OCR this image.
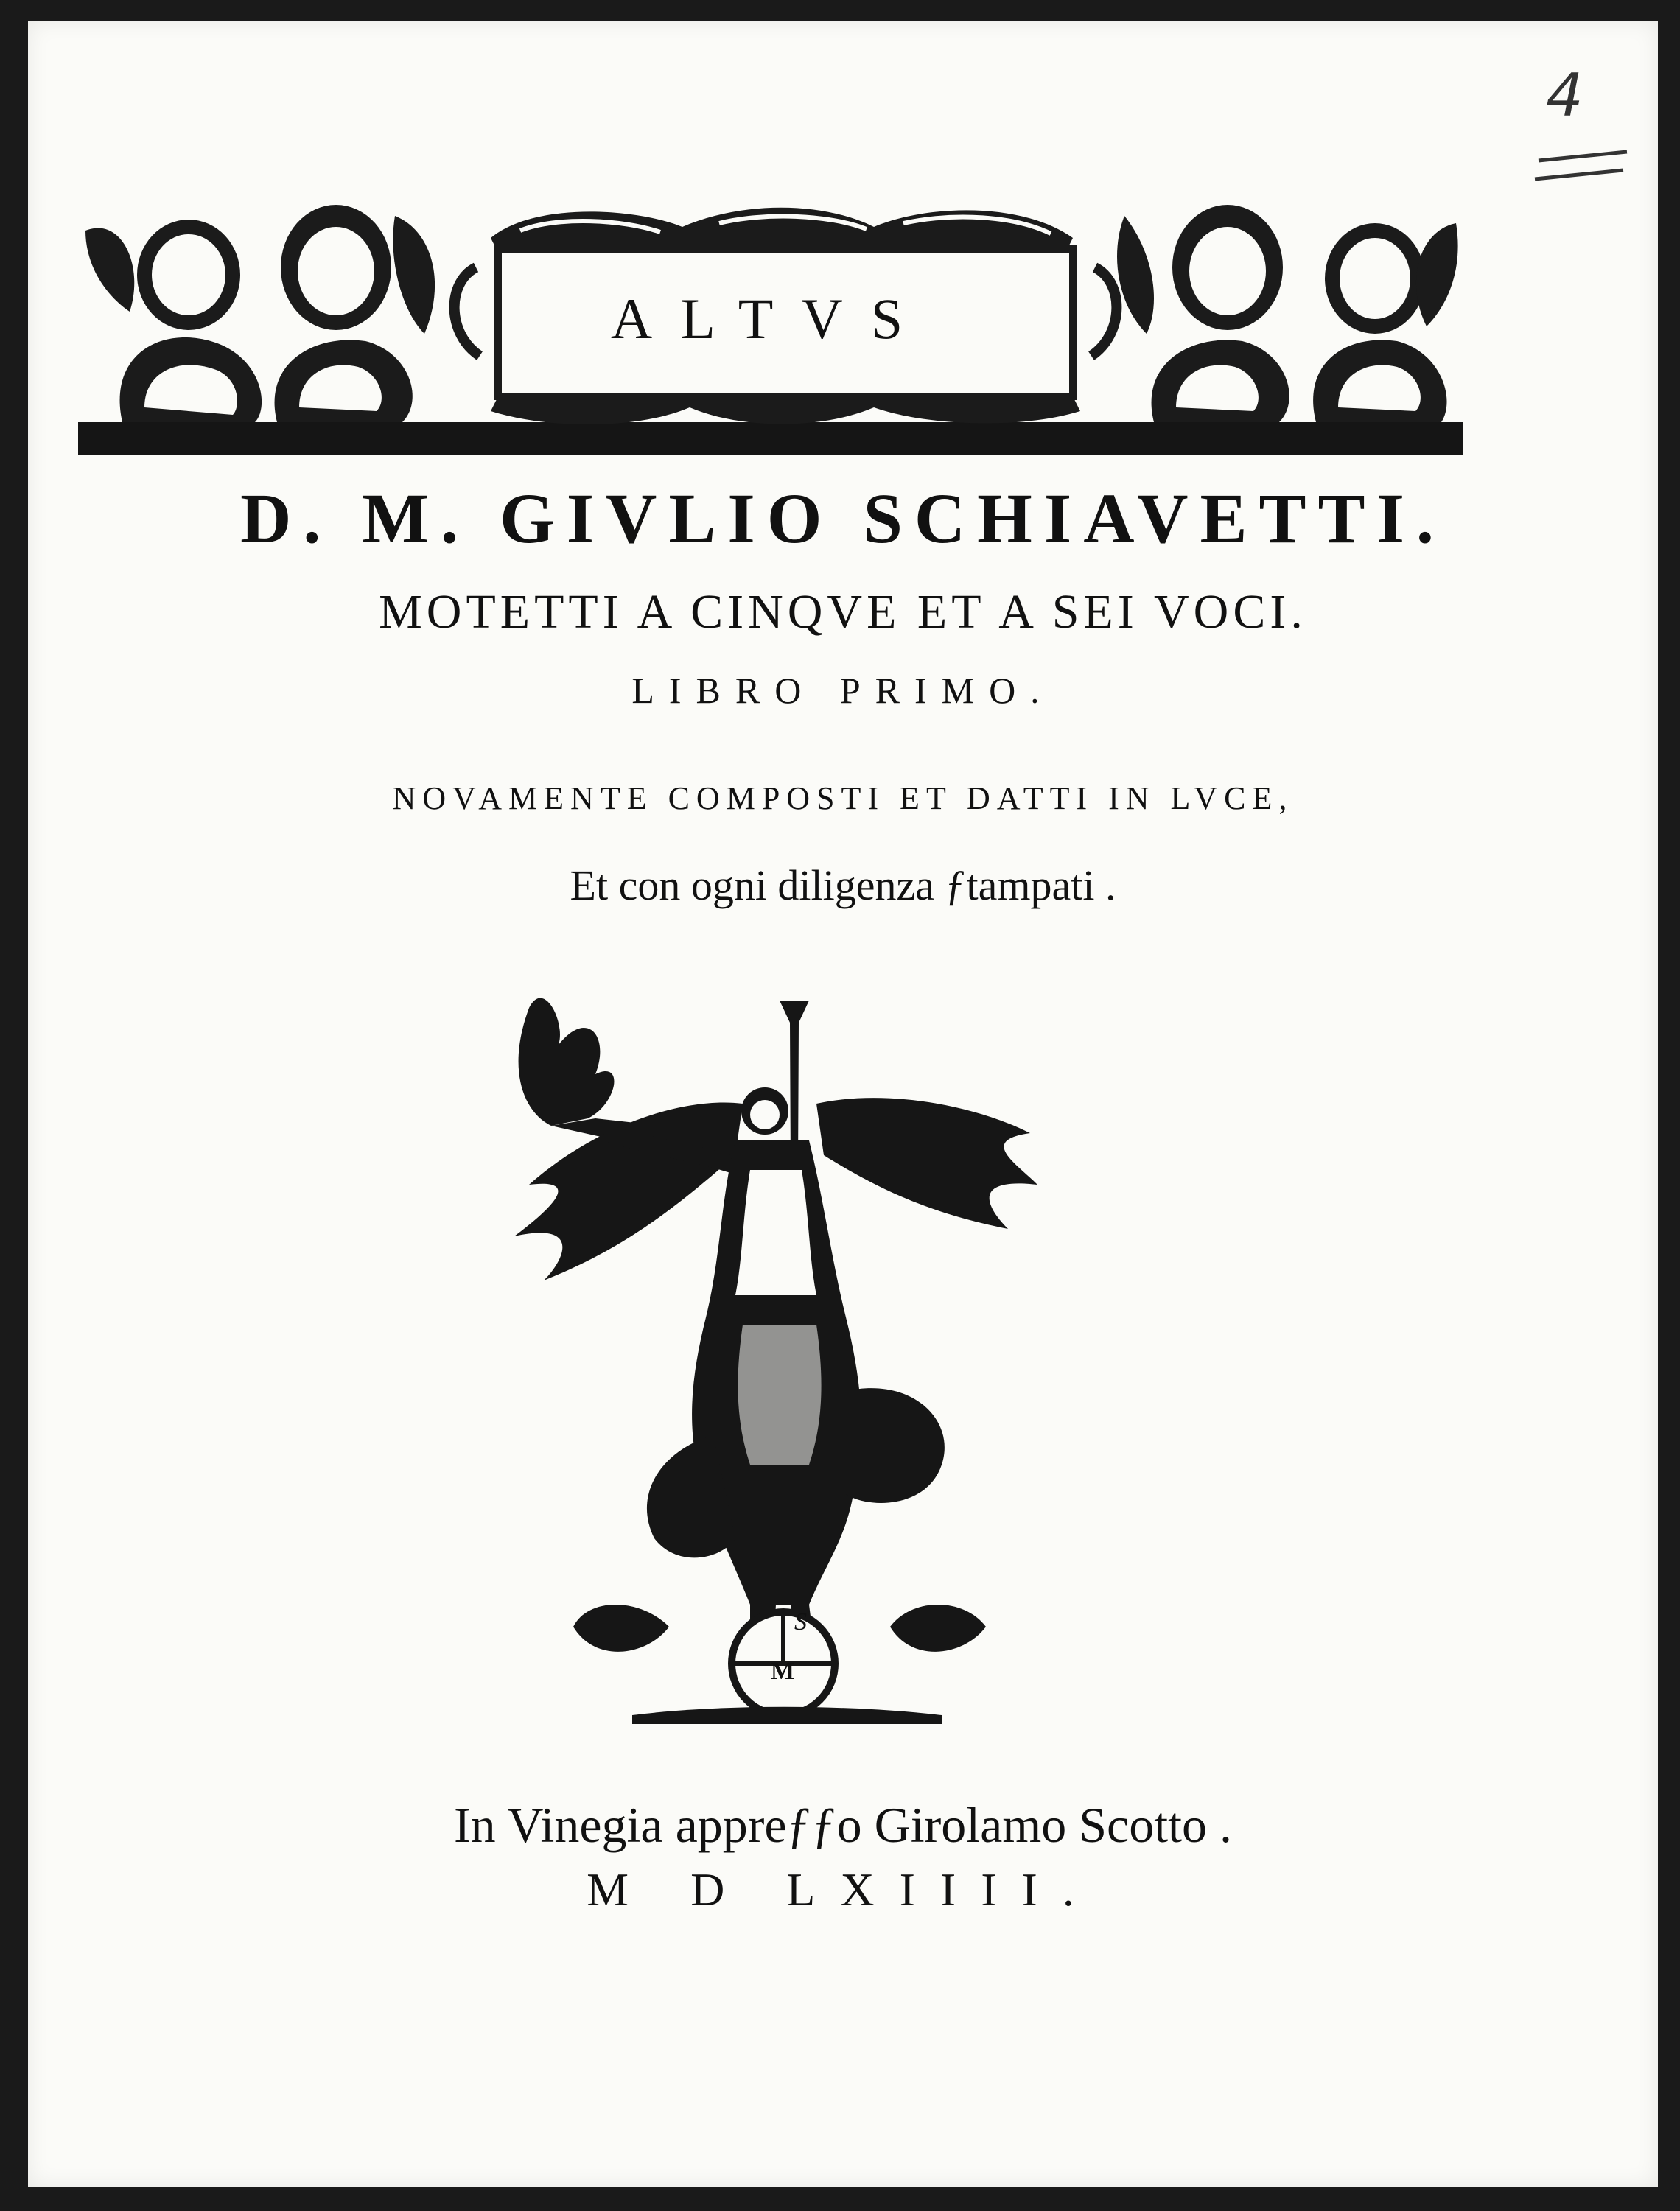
4
ALTVS
D. M. GIVLIO SCHIAVETTI.
MOTETTI A CINQVE ET A SEI VOCI.
LIBRO PRIMO.
NOVAMENTE COMPOSTI ET DATTI IN LVCE,
Et con ogni diligenza ƒtampati .
S
M
In Vinegia appreƒƒo Girolamo Scotto .
M D LXIIII.
